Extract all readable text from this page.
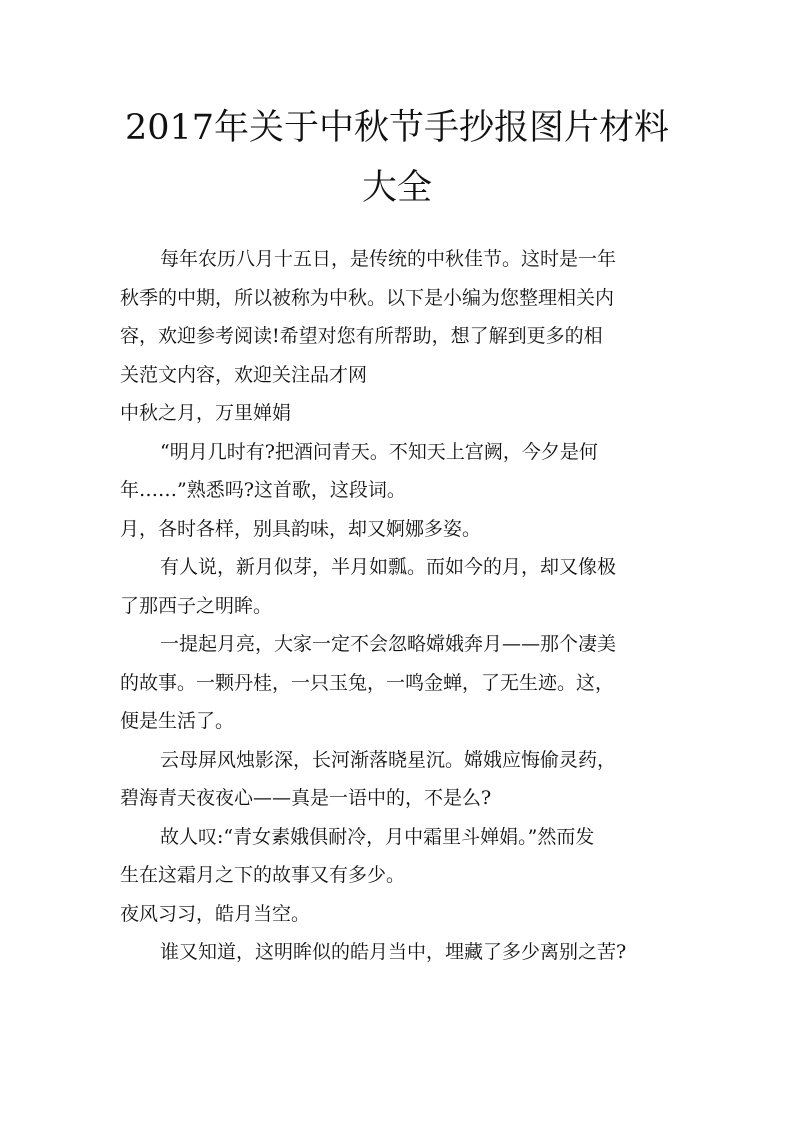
2017年关于中秋节手抄报图片材料
大全

每年农历八月十五日，是传统的中秋佳节。这时是一年

秋季的中期，所以被称为中秋。以下是小编为您整理相关内

容，欢迎参考阅读!希望对您有所帮助，想了解到更多的相

关范文内容，欢迎关注品才网

中秋之月，万里婵娟

“明月几时有?把酒问青天。不知天上宫阙，今夕是何

年……”熟悉吗?这首歌，这段词。

月，各时各样，别具韵味，却又婀娜多姿。

有人说，新月似芽，半月如瓢。而如今的月，却又像极

了那西子之明眸。

一提起月亮，大家一定不会忽略嫦娥奔月——那个凄美

的故事。一颗丹桂，一只玉兔，一鸣金蝉，了无生迹。这，

便是生活了。

云母屏风烛影深，长河渐落晓星沉。嫦娥应悔偷灵药，

碧海青天夜夜心——真是一语中的，不是么?

故人叹:“青女素娥俱耐冷，月中霜里斗婵娟。”然而发

生在这霜月之下的故事又有多少。

夜风习习，皓月当空。

谁又知道，这明眸似的皓月当中，埋藏了多少离别之苦?
